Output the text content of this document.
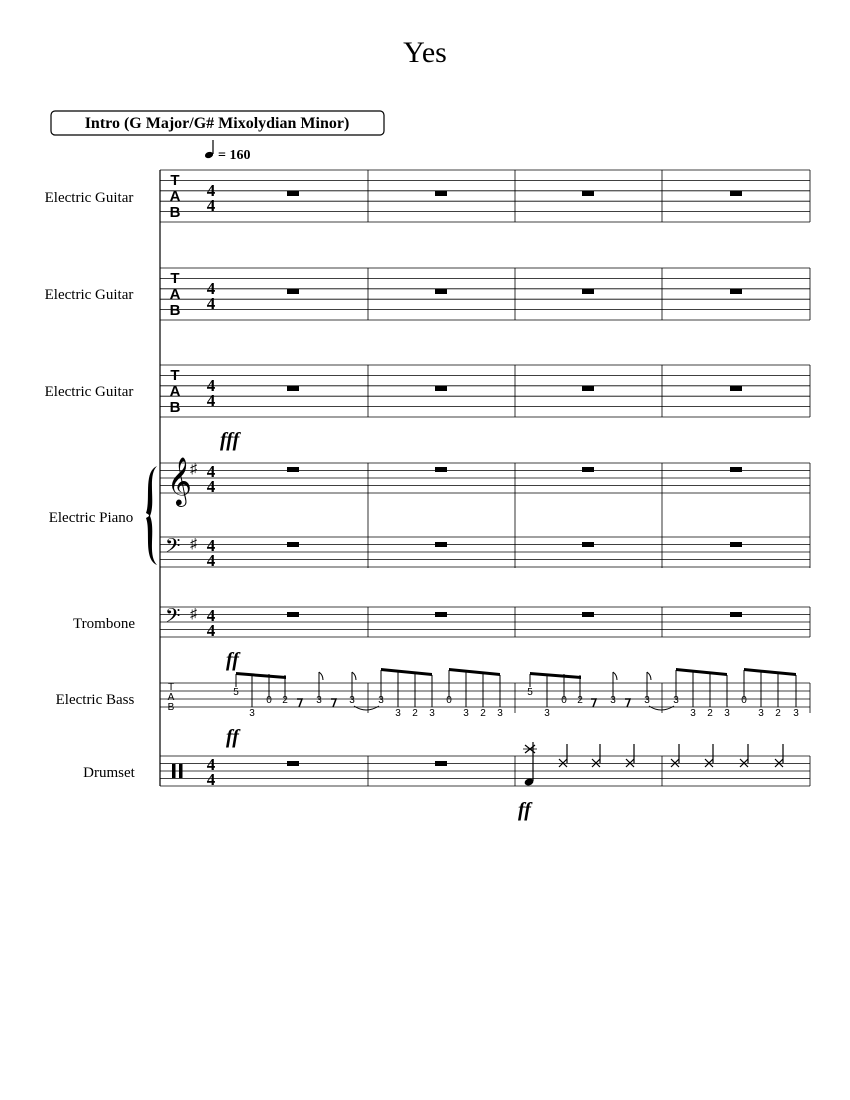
Yes
Intro (G Major/G# Mixolydian Minor)
= 160
Electric Guitar
Electric Guitar
Electric Guitar
Electric Piano
Trombone
Electric Bass
Drumset
T
A
B
4
4
T
A
B
4
4
T
A
B
4
4
fff
𝄞
♯ 4
4
𝄢 ♯ 4
4
𝄢 ♯ 4
4
ff
T
A
B
5
3
0 2	3	3 3
3 2 3
0
3 2 3
5
3
0 2	3	3 3
3 2 3
0
3 2 3
ff
4
4
ff
